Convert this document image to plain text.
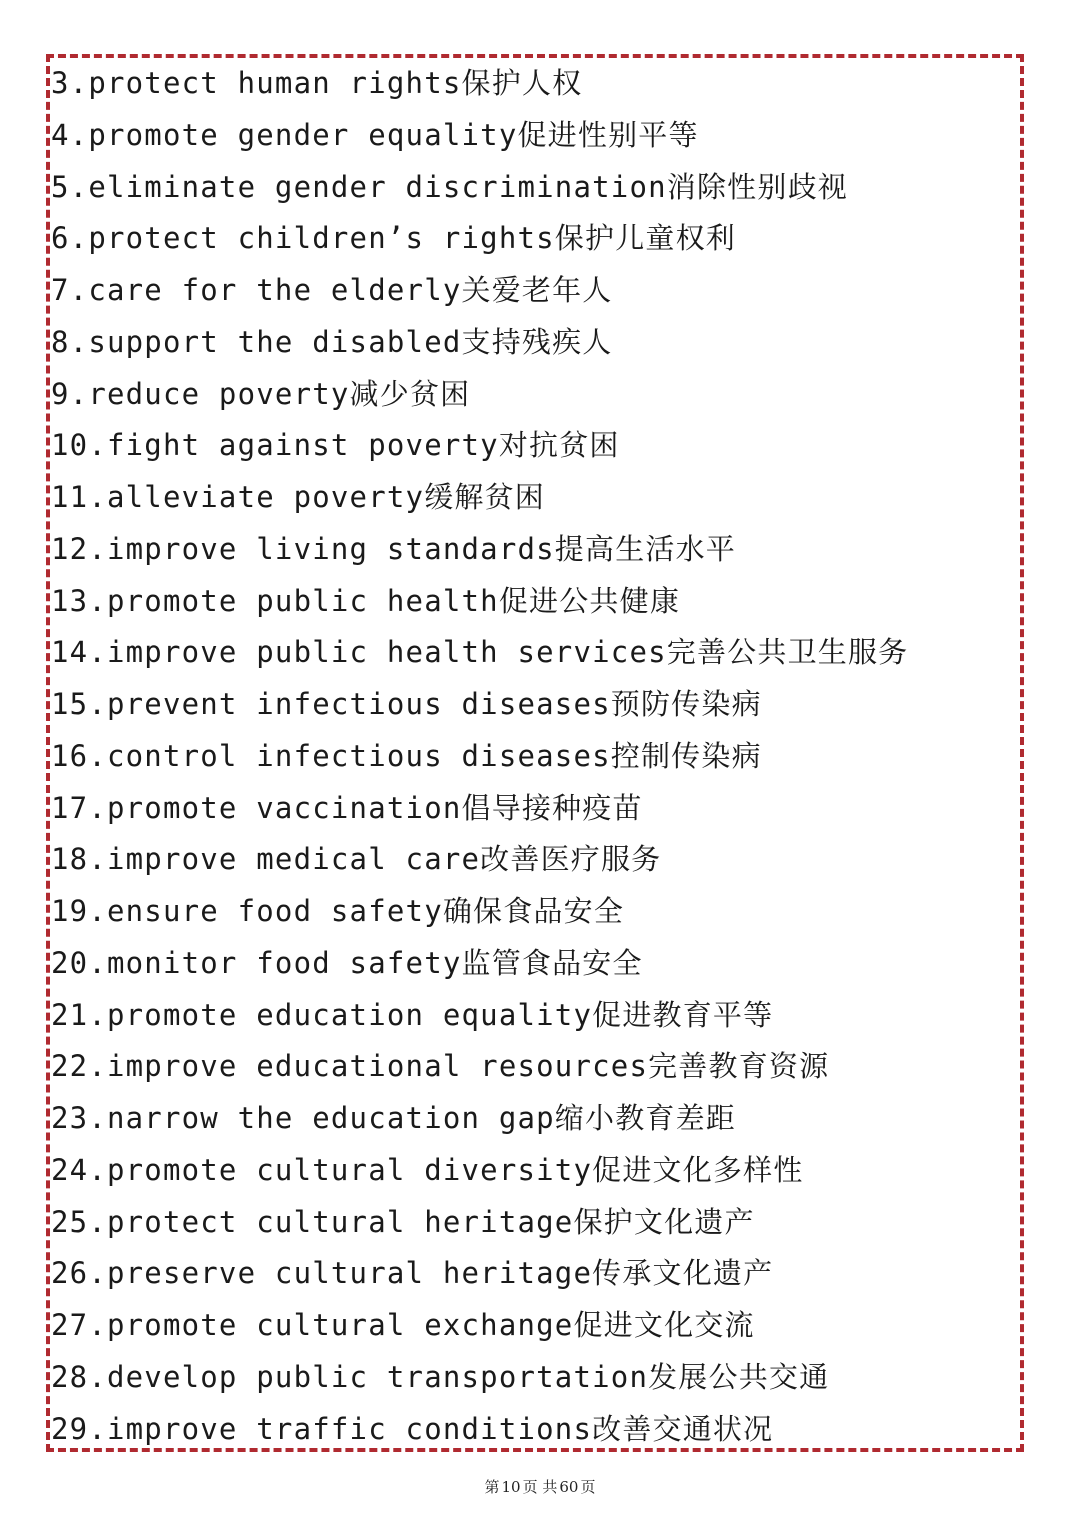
3.protect human rights保护人权
4.promote gender equality促进性别平等
5.eliminate gender discrimination消除性别歧视
6.protect children’s rights保护儿童权利
7.care for the elderly关爱老年人
8.support the disabled支持残疾人
9.reduce poverty减少贫困
10.fight against poverty对抗贫困
11.alleviate poverty缓解贫困
12.improve living standards提高生活水平
13.promote public health促进公共健康
14.improve public health services完善公共卫生服务
15.prevent infectious diseases预防传染病
16.control infectious diseases控制传染病
17.promote vaccination倡导接种疫苗
18.improve medical care改善医疗服务
19.ensure food safety确保食品安全
20.monitor food safety监管食品安全
21.promote education equality促进教育平等
22.improve educational resources完善教育资源
23.narrow the education gap缩小教育差距
24.promote cultural diversity促进文化多样性
25.protect cultural heritage保护文化遗产
26.preserve cultural heritage传承文化遗产
27.promote cultural exchange促进文化交流
28.develop public transportation发展公共交通
29.improve traffic conditions改善交通状况
第 10 页 共 60 页
